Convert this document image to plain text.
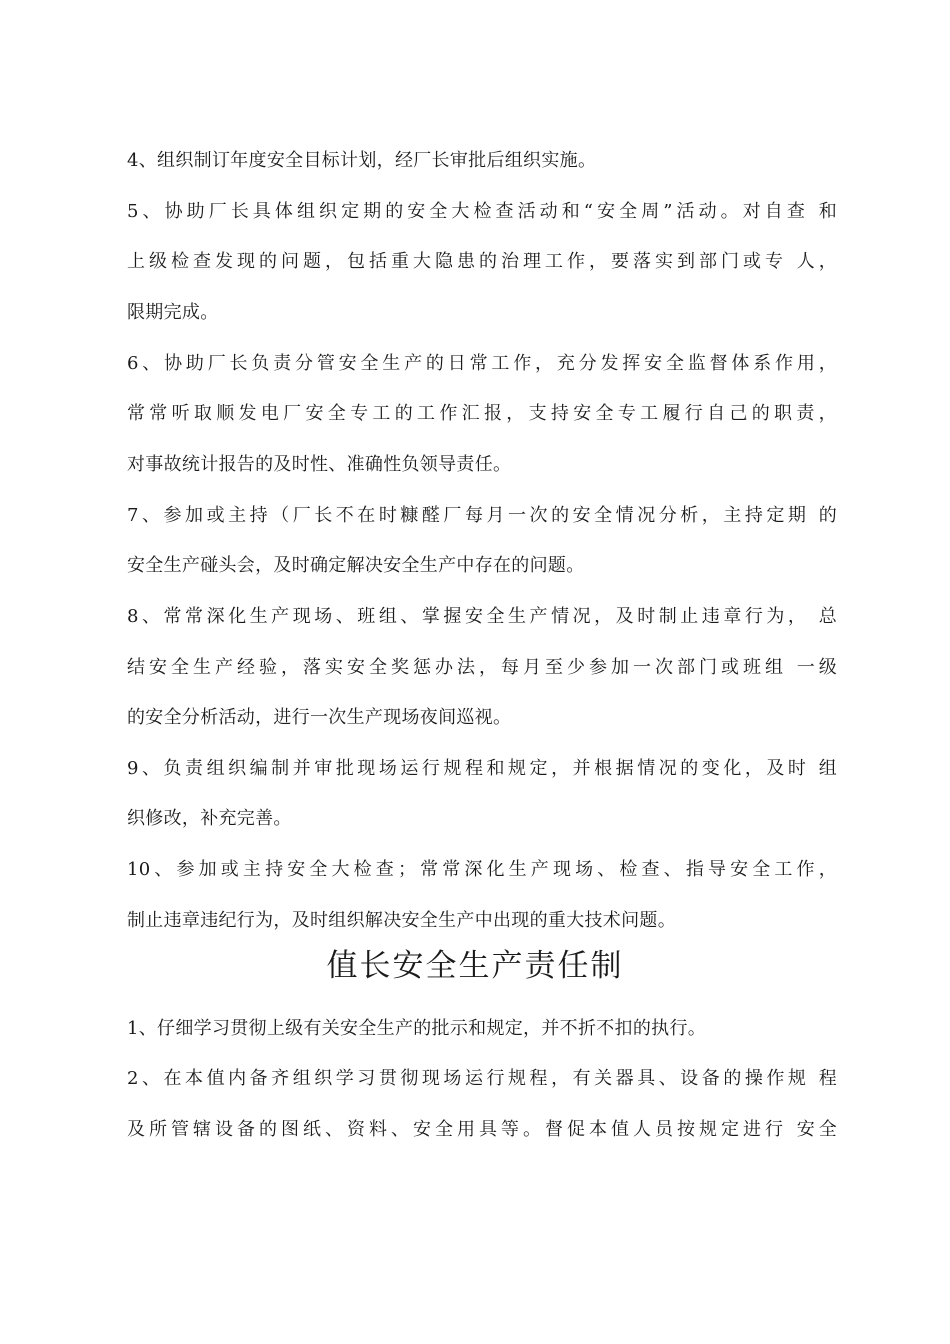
4、组织制订年度安全目标计划，经厂长审批后组织实施。
5、协助厂长具体组织定期的安全大检查活动和“安全周”活动。对自查 和
上级检查发现的问题，包括重大隐患的治理工作，要落实到部门或专 人，
限期完成。
6、协助厂长负责分管安全生产的日常工作，充分发挥安全监督体系作用，
常常听取顺发电厂安全专工的工作汇报，支持安全专工履行自己的职责，
对事故统计报告的及时性、准确性负领导责任。
7、参加或主持（厂长不在时糠醛厂每月一次的安全情况分析，主持定期 的
安全生产碰头会，及时确定解决安全生产中存在的问题。
8、常常深化生产现场、班组、掌握安全生产情况，及时制止违章行为， 总
结安全生产经验，落实安全奖惩办法，每月至少参加一次部门或班组 一级
的安全分析活动，进行一次生产现场夜间巡视。
9、负责组织编制并审批现场运行规程和规定，并根据情况的变化，及时 组
织修改，补充完善。
10、参加或主持安全大检查；常常深化生产现场、检查、指导安全工作，
制止违章违纪行为，及时组织解决安全生产中出现的重大技术问题。
值长安全生产责任制
1、仔细学习贯彻上级有关安全生产的批示和规定，并不折不扣的执行。
2、在本值内备齐组织学习贯彻现场运行规程，有关器具、设备的操作规 程
及所管辖设备的图纸、资料、安全用具等。督促本值人员按规定进行 安全
